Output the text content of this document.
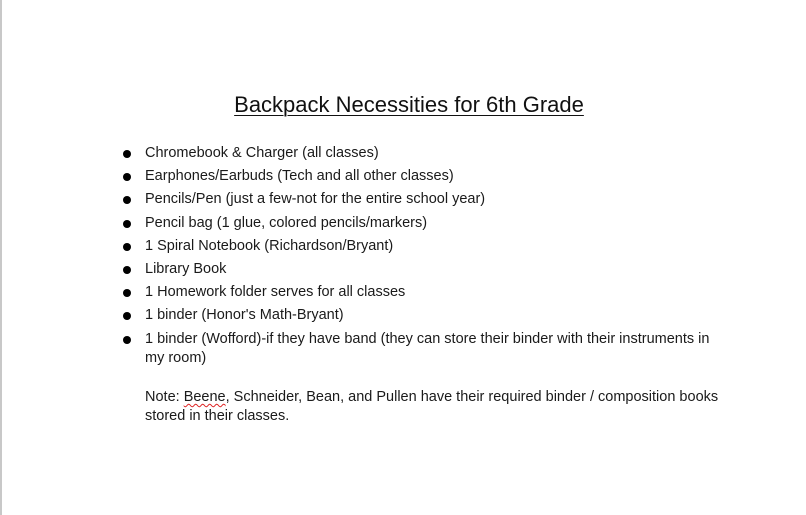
Backpack Necessities for 6th Grade
Chromebook & Charger (all classes)
Earphones/Earbuds (Tech and all other classes)
Pencils/Pen (just a few-not for the entire school year)
Pencil bag (1 glue, colored pencils/markers)
1 Spiral Notebook (Richardson/Bryant)
Library Book
1 Homework folder serves for all classes
1 binder (Honor's Math-Bryant)
1 binder (Wofford)-if they have band (they can store their binder with their instruments in my room)
Note: Beene, Schneider, Bean, and Pullen have their required binder / composition books stored in their classes.
